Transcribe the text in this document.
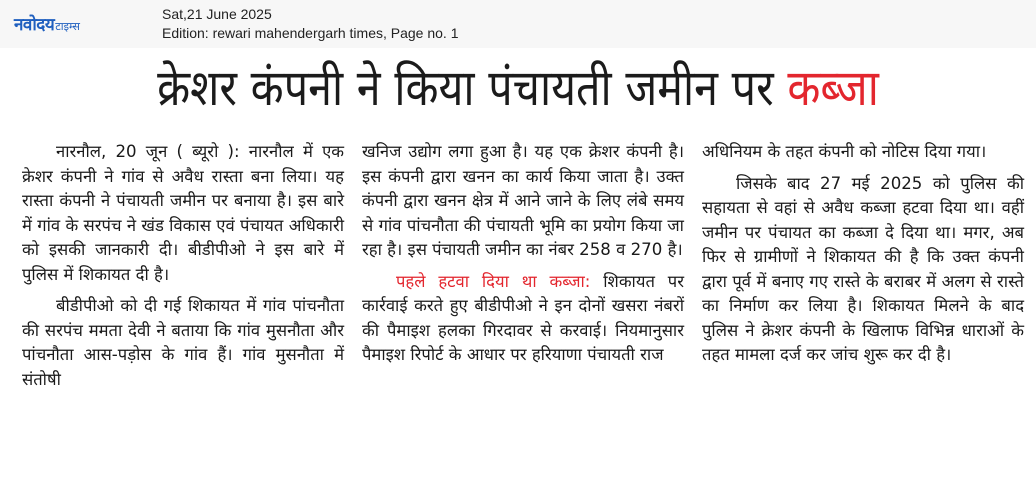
नवोदय टाइम्स
Sat,21 June 2025
Edition: rewari mahendergarh times, Page no. 1
क्रेशर कंपनी ने किया पंचायती जमीन पर कब्जा

नारनौल, 20 जून ( ब्यूरो ): नारनौल में एक क्रेशर कंपनी ने गांव से अवैध रास्ता बना लिया। यह रास्ता कंपनी ने पंचायती जमीन पर बनाया है। इस बारे में गांव के सरपंच ने खंड विकास एवं पंचायत अधिकारी को इसकी जानकारी दी। बीडीपीओ ने इस बारे में पुलिस में शिकायत दी है।

बीडीपीओ को दी गई शिकायत में गांव पांचनौता की सरपंच ममता देवी ने बताया कि गांव मुसनौता और पांचनौता आस-पड़ोस के गांव हैं। गांव मुसनौता में संतोषी

खनिज उद्योग लगा हुआ है। यह एक क्रेशर कंपनी है। इस कंपनी द्वारा खनन का कार्य किया जाता है। उक्त कंपनी द्वारा खनन क्षेत्र में आने जाने के लिए लंबे समय से गांव पांचनौता की पंचायती भूमि का प्रयोग किया जा रहा है। इस पंचायती जमीन का नंबर 258 व 270 है।

पहले हटवा दिया था कब्जा: शिकायत पर कार्रवाई करते हुए बीडीपीओ ने इन दोनों खसरा नंबरों की पैमाइश हलका गिरदावर से करवाई। नियमानुसार पैमाइश रिपोर्ट के आधार पर हरियाणा पंचायती राज

अधिनियम के तहत कंपनी को नोटिस दिया गया।

जिसके बाद 27 मई 2025 को पुलिस की सहायता से वहां से अवैध कब्जा हटवा दिया था। वहीं जमीन पर पंचायत का कब्जा दे दिया था। मगर, अब फिर से ग्रामीणों ने शिकायत की है कि उक्त कंपनी द्वारा पूर्व में बनाए गए रास्ते के बराबर में अलग से रास्ते का निर्माण कर लिया है। शिकायत मिलने के बाद पुलिस ने क्रेशर कंपनी के खिलाफ विभिन्न धाराओं के तहत मामला दर्ज कर जांच शुरू कर दी है।
